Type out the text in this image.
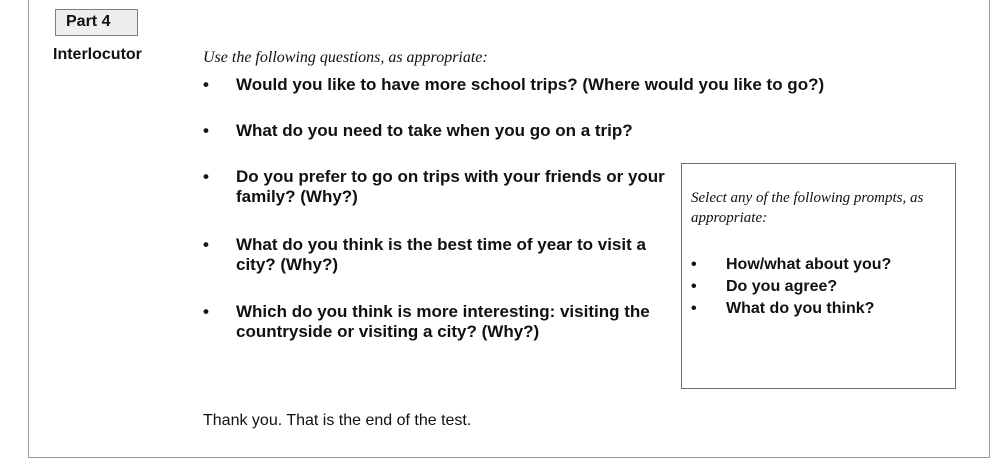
Part 4
Interlocutor	Use the following questions, as appropriate:
•	Would you like to have more school trips? (Where would you like to go?)
•	What do you need to take when you go on a trip?
•	Do you prefer to go on trips with your friends or your family? (Why?)
•	What do you think is the best time of year to visit a city? (Why?)
•	Which do you think is more interesting: visiting the countryside or visiting a city? (Why?)
Select any of the following prompts, as appropriate:
• How/what about you?
• Do you agree?
• What do you think?
Thank you. That is the end of the test.
